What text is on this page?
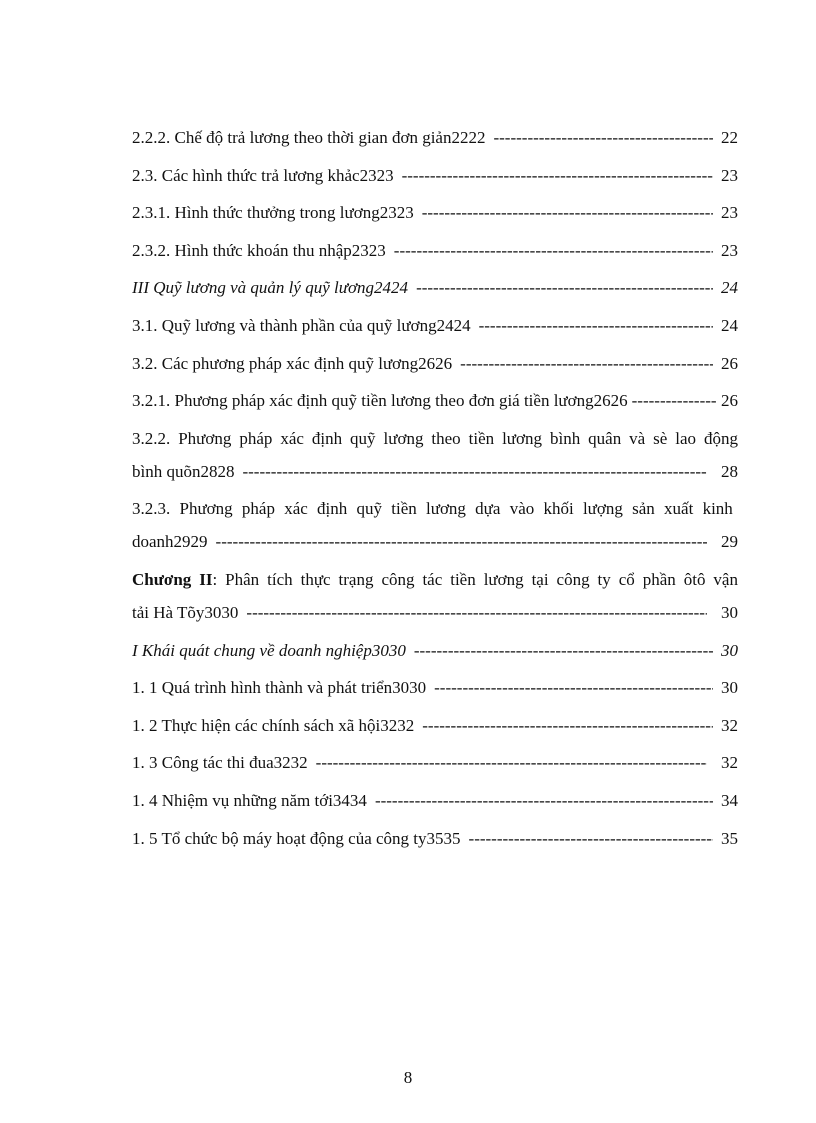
2.2.2. Chế độ trả lương theo thời gian đơn giản2222 -----	22
2.3. Các hình thức trả lương khảc2323 -----	23
2.3.1. Hình thức thưởng trong lương2323 -----	23
2.3.2. Hình thức khoán thu nhập2323 -----	23
III Quỹ lương và quản lý quỹ lương2424 -----	24
3.1. Quỹ lương và thành phần của quỹ lương2424 -----	24
3.2. Các phương pháp xác định quỹ lương2626 -----	26
3.2.1. Phương pháp xác định quỹ tiền lương theo đơn giá tiền lương2626 -----	26
3.2.2. Phương pháp xác định quỹ lương theo tiền lương bình quân và sè lao động
bình quõn2828 -----	28
3.2.3. Phương pháp xác định quỹ tiền lương dựa vào khối lượng sản xuất kinh
doanh2929 -----	29
Chương II: Phân tích thực trạng công tác tiền lương tại công ty cổ phần ôtô vận
tải Hà Tõy3030 -----	30
I Khái quát chung về doanh nghiệp3030 -----	30
1. 1 Quá trình hình thành và phát triển3030 -----	30
1. 2 Thực hiện các chính sách xã hội3232 -----	32
1. 3 Công tác thi đua3232 -----	32
1. 4 Nhiệm vụ những năm tới3434 -----	34
1. 5 Tổ chức bộ máy hoạt động của công ty3535 -----	35
8
